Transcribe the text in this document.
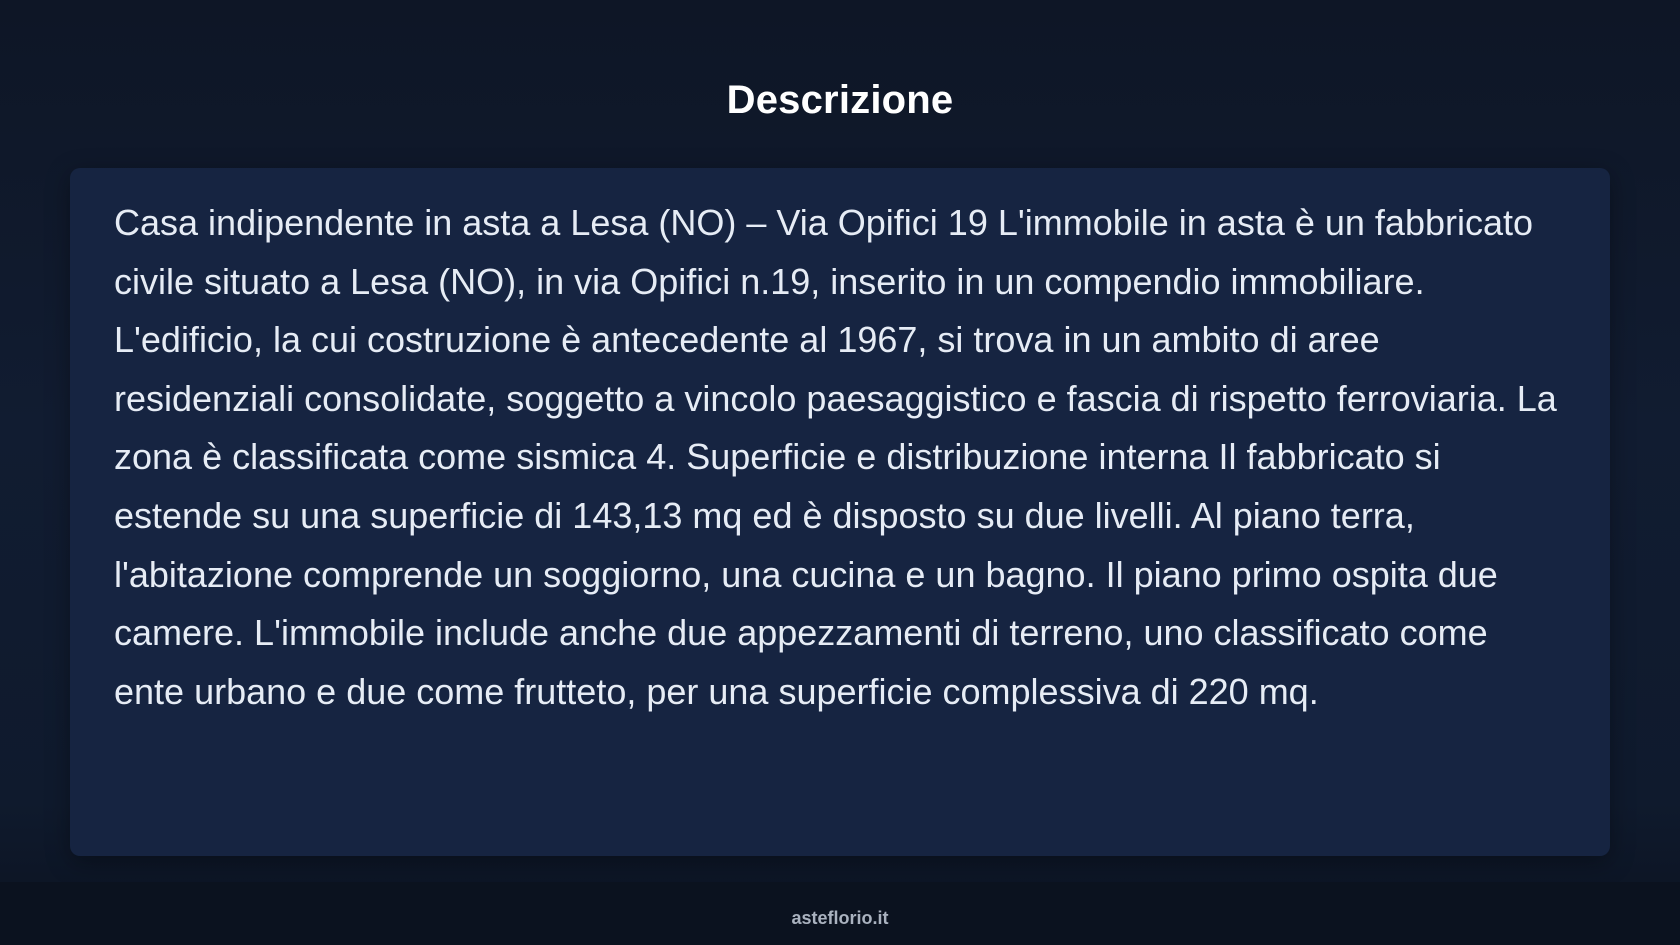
Descrizione

Casa indipendente in asta a Lesa (NO) – Via Opifici 19 L'immobile in asta è un fabbricato civile situato a Lesa (NO), in via Opifici n.19, inserito in un compendio immobiliare. L'edificio, la cui costruzione è antecedente al 1967, si trova in un ambito di aree residenziali consolidate, soggetto a vincolo paesaggistico e fascia di rispetto ferroviaria. La zona è classificata come sismica 4. Superficie e distribuzione interna Il fabbricato si estende su una superficie di 143,13 mq ed è disposto su due livelli. Al piano terra, l'abitazione comprende un soggiorno, una cucina e un bagno. Il piano primo ospita due camere. L'immobile include anche due appezzamenti di terreno, uno classificato come ente urbano e due come frutteto, per una superficie complessiva di 220 mq.

asteflorio.it
